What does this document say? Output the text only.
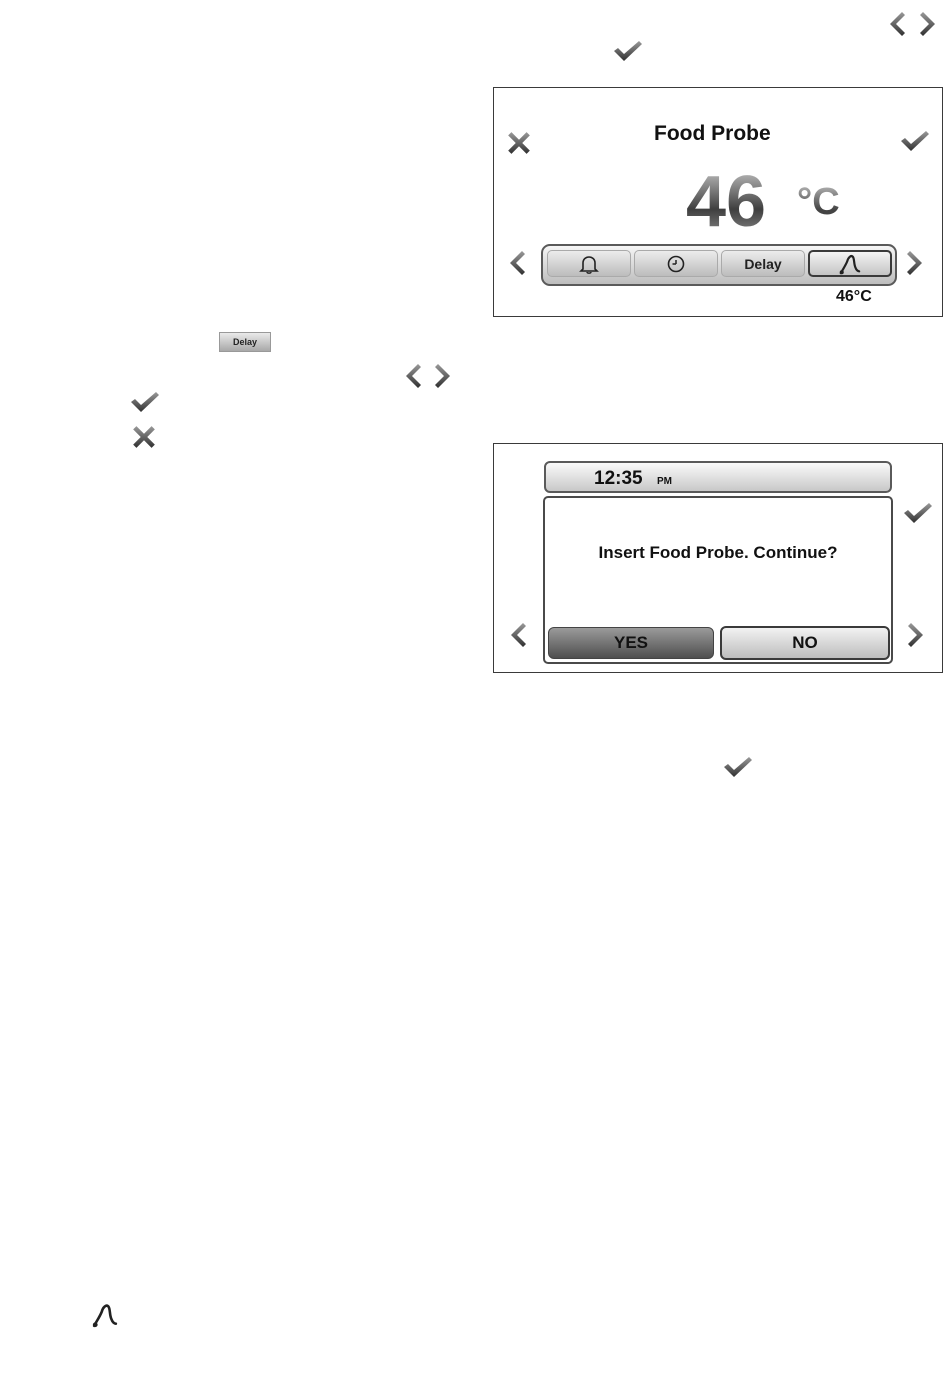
Food Probe
46 °C
Delay
46°C
Delay
12:35 PM
Insert Food Probe. Continue?
YES	NO
